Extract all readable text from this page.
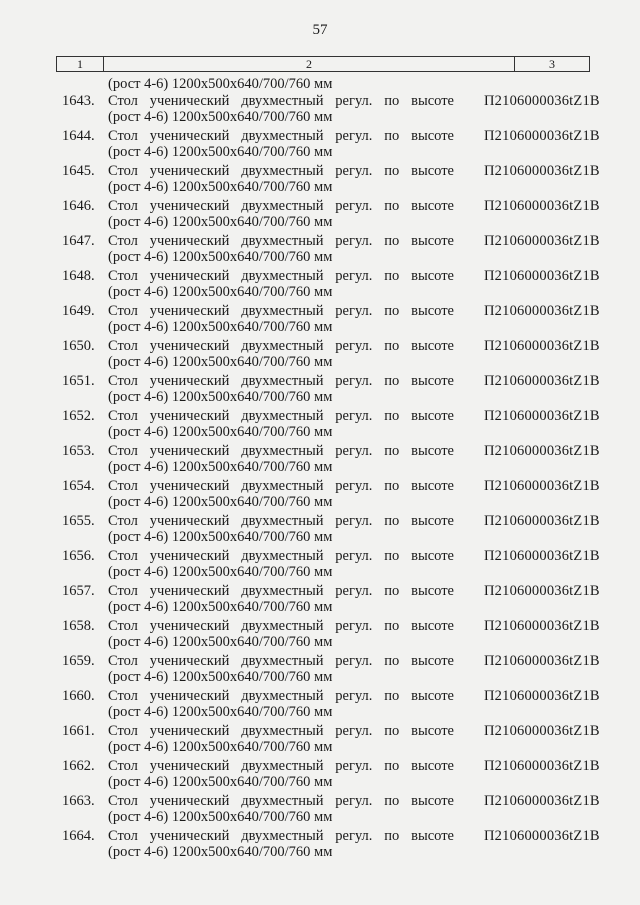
57
1	2	3
(рост 4-6) 1200х500х640/700/760 мм
1643. Стол ученический двухместный регул. по высоте
(рост 4-6) 1200х500х640/700/760 мм
П2106000036tZ1B
1644. Стол ученический двухместный регул. по высоте
(рост 4-6) 1200х500х640/700/760 мм
П2106000036tZ1B
1645. Стол ученический двухместный регул. по высоте
(рост 4-6) 1200х500х640/700/760 мм
П2106000036tZ1B
1646. Стол ученический двухместный регул. по высоте
(рост 4-6) 1200х500х640/700/760 мм
П2106000036tZ1B
1647. Стол ученический двухместный регул. по высоте
(рост 4-6) 1200х500х640/700/760 мм
П2106000036tZ1B
1648. Стол ученический двухместный регул. по высоте
(рост 4-6) 1200х500х640/700/760 мм
П2106000036tZ1B
1649. Стол ученический двухместный регул. по высоте
(рост 4-6) 1200х500х640/700/760 мм
П2106000036tZ1B
1650. Стол ученический двухместный регул. по высоте
(рост 4-6) 1200х500х640/700/760 мм
П2106000036tZ1B
1651. Стол ученический двухместный регул. по высоте
(рост 4-6) 1200х500х640/700/760 мм
П2106000036tZ1B
1652. Стол ученический двухместный регул. по высоте
(рост 4-6) 1200х500х640/700/760 мм
П2106000036tZ1B
1653. Стол ученический двухместный регул. по высоте
(рост 4-6) 1200х500х640/700/760 мм
П2106000036tZ1B
1654. Стол ученический двухместный регул. по высоте
(рост 4-6) 1200х500х640/700/760 мм
П2106000036tZ1B
1655. Стол ученический двухместный регул. по высоте
(рост 4-6) 1200х500х640/700/760 мм
П2106000036tZ1B
1656. Стол ученический двухместный регул. по высоте
(рост 4-6) 1200х500х640/700/760 мм
П2106000036tZ1B
1657. Стол ученический двухместный регул. по высоте
(рост 4-6) 1200х500х640/700/760 мм
П2106000036tZ1B
1658. Стол ученический двухместный регул. по высоте
(рост 4-6) 1200х500х640/700/760 мм
П2106000036tZ1B
1659. Стол ученический двухместный регул. по высоте
(рост 4-6) 1200х500х640/700/760 мм
П2106000036tZ1B
1660. Стол ученический двухместный регул. по высоте
(рост 4-6) 1200х500х640/700/760 мм
П2106000036tZ1B
1661. Стол ученический двухместный регул. по высоте
(рост 4-6) 1200х500х640/700/760 мм
П2106000036tZ1B
1662. Стол ученический двухместный регул. по высоте
(рост 4-6) 1200х500х640/700/760 мм
П2106000036tZ1B
1663. Стол ученический двухместный регул. по высоте
(рост 4-6) 1200х500х640/700/760 мм
П2106000036tZ1B
1664. Стол ученический двухместный регул. по высоте
(рост 4-6) 1200х500х640/700/760 мм
П2106000036tZ1B
